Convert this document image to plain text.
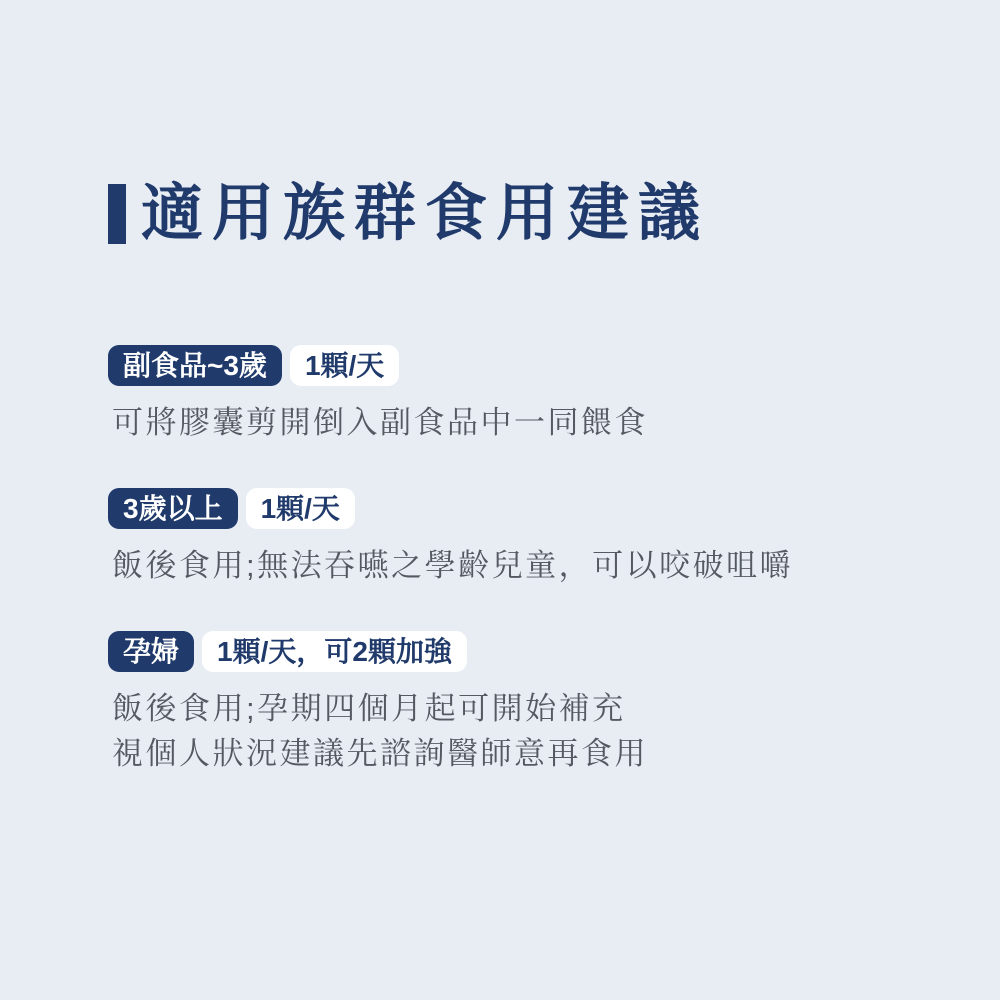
適用族群食用建議
副食品~3歲	1顆/天

可將膠囊剪開倒入副食品中一同餵食

3歲以上	1顆/天

飯後食用;無法吞嚥之學齡兒童，可以咬破咀嚼

孕婦	1顆/天，可2顆加強

飯後食用;孕期四個月起可開始補充

視個人狀況建議先諮詢醫師意再食用
